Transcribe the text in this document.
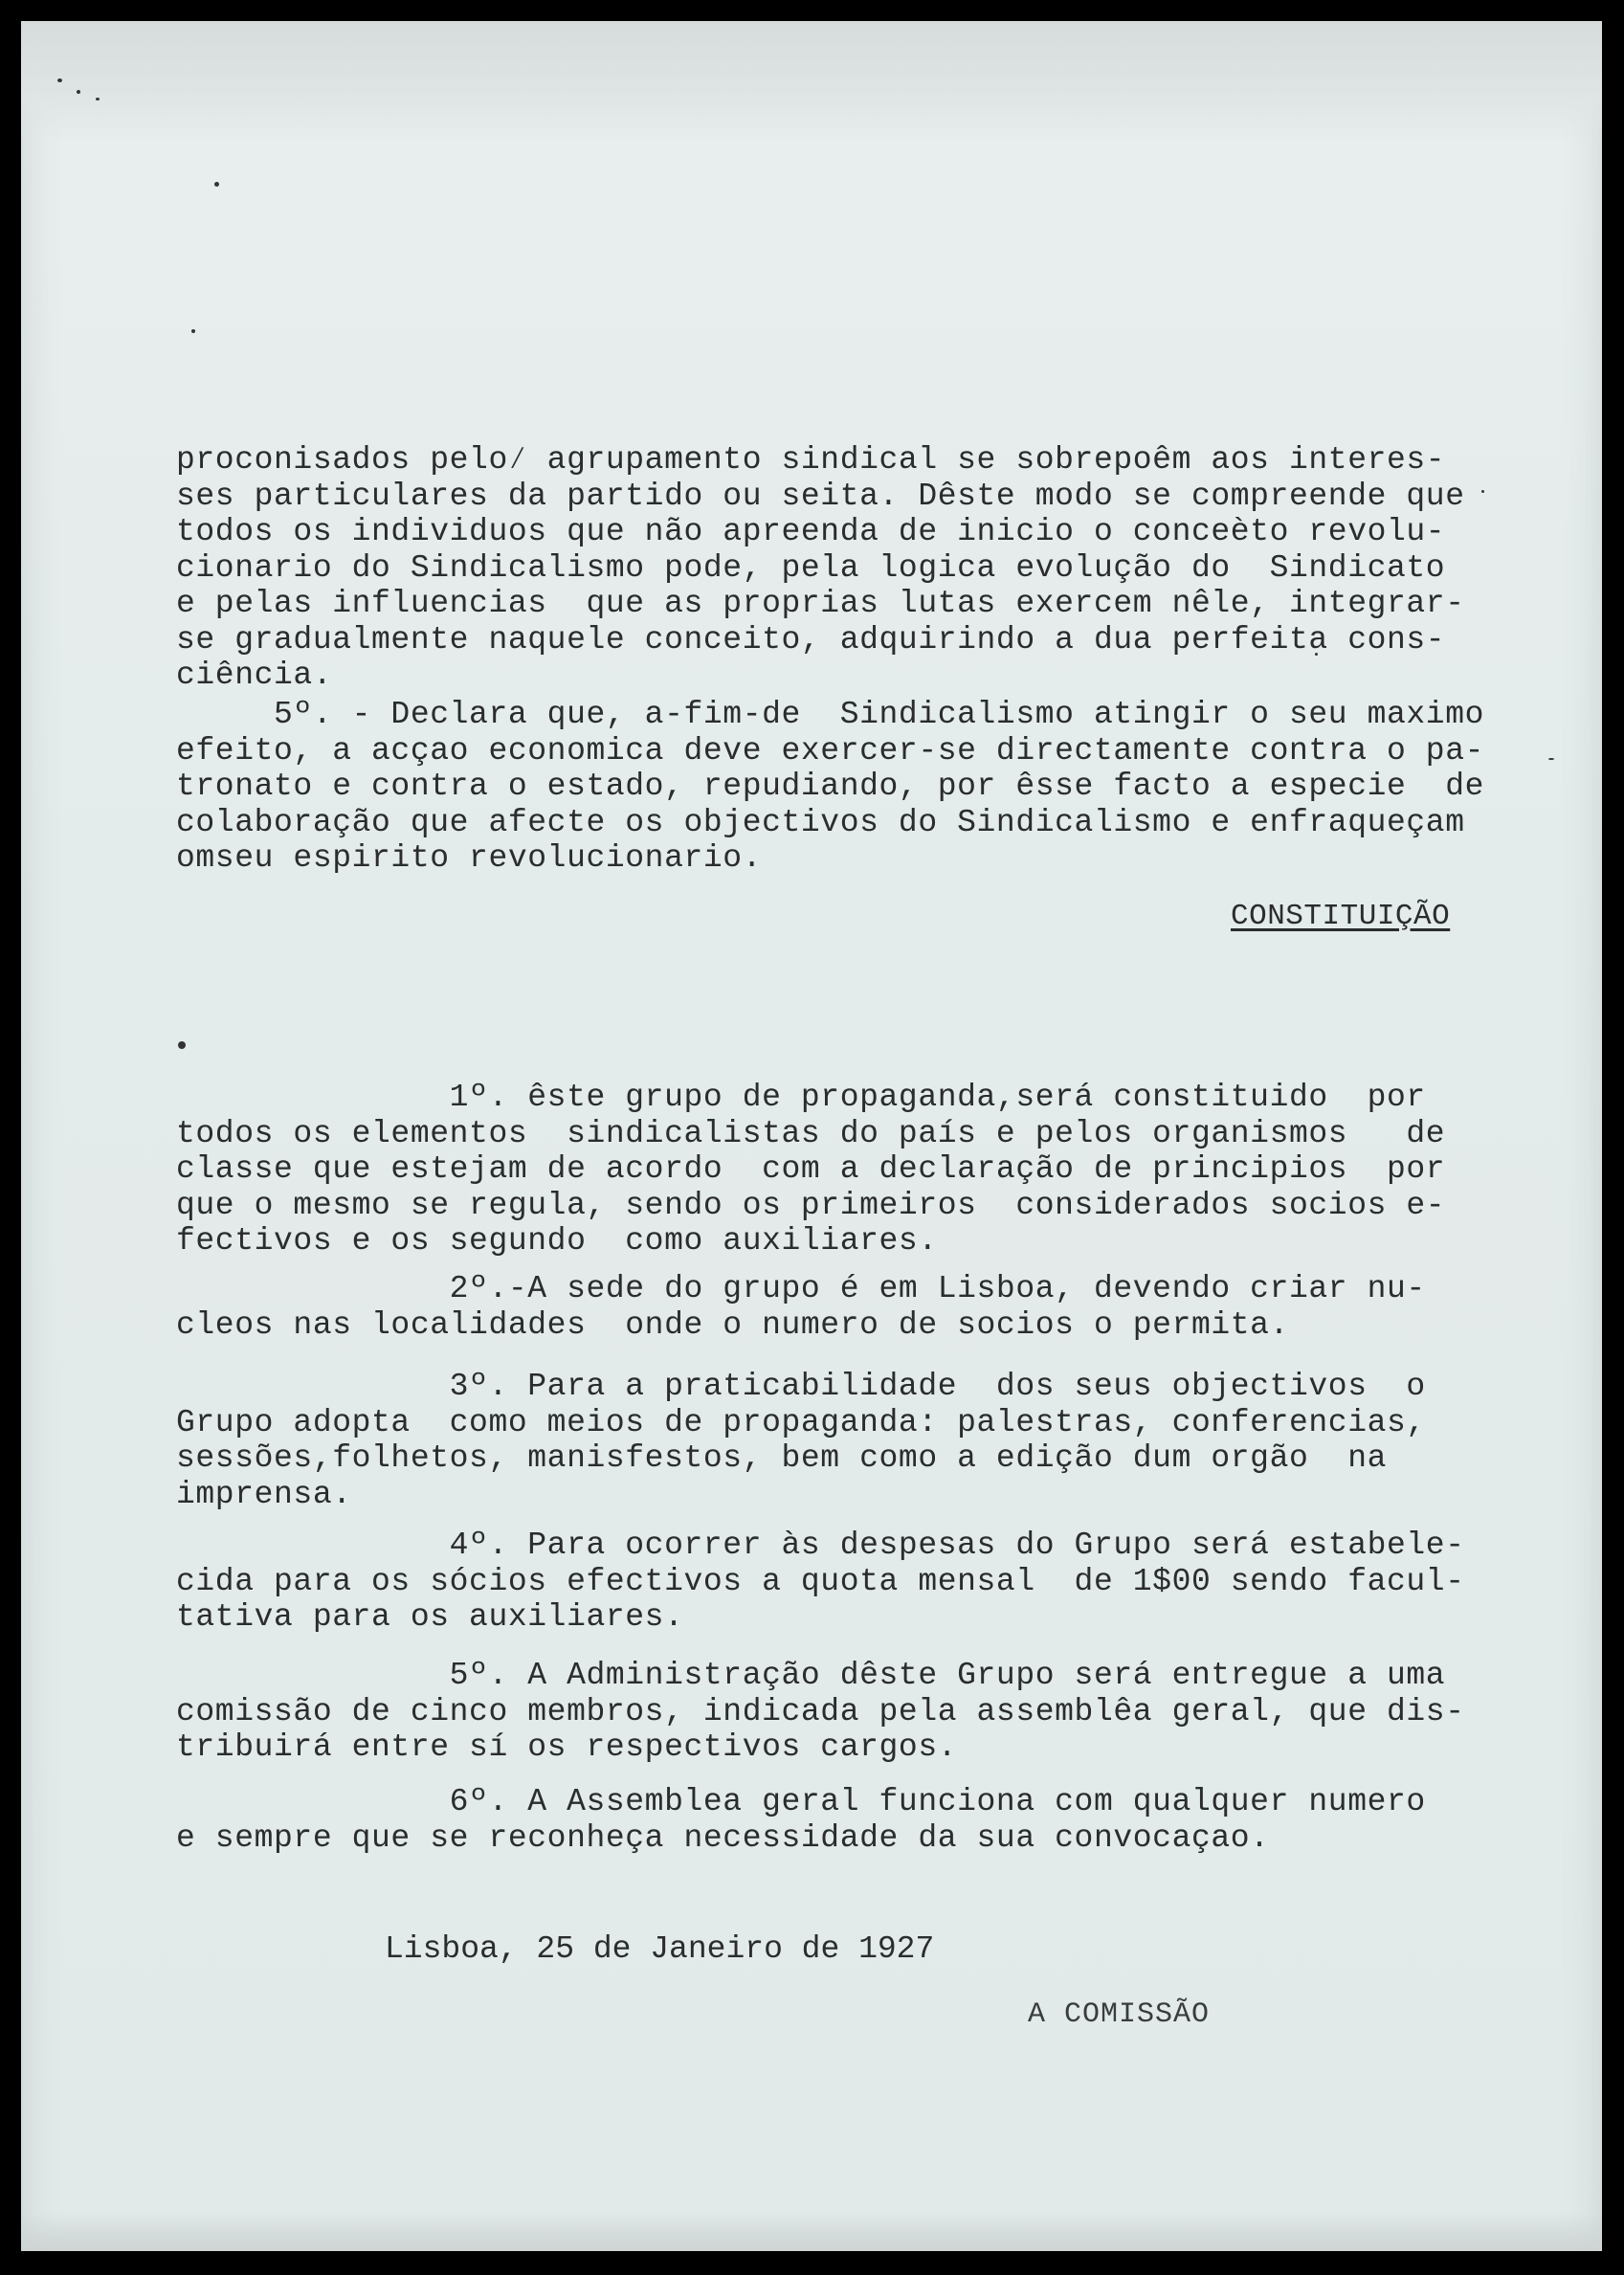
proconisados pelo∕ agrupamento sindical se sobrepoêm aos interes-
ses particulares da partido ou seita. Dêste modo se compreende que
todos os individuos que não apreenda de inicio o conceèto revolu-
cionario do Sindicalismo pode, pela logica evolução do  Sindicato
e pelas influencias  que as proprias lutas exercem nêle, integrar-
se gradualmente naquele conceito, adquirindo a dua perfeita cons-
ciência.
5º. - Declara que, a-fim-de  Sindicalismo atingir o seu maximo
efeito, a acçao economica deve exercer-se directamente contra o pa-
tronato e contra o estado, repudiando, por êsse facto a especie  de
colaboração que afecte os objectivos do Sindicalismo e enfraqueçam
omseu espirito revolucionario.
CONSTITUIÇÃO
1º. êste grupo de propaganda,será constituido  por
todos os elementos  sindicalistas do país e pelos organismos   de
classe que estejam de acordo  com a declaração de principios  por
que o mesmo se regula, sendo os primeiros  considerados socios e-
fectivos e os segundo  como auxiliares.
2º.-A sede do grupo é em Lisboa, devendo criar nu-
cleos nas localidades  onde o numero de socios o permita.
3º. Para a praticabilidade  dos seus objectivos  o
Grupo adopta  como meios de propaganda: palestras, conferencias,
sessões,folhetos, manisfestos, bem como a edição dum orgão  na
imprensa.
4º. Para ocorrer às despesas do Grupo será estabele-
cida para os sócios efectivos a quota mensal  de 1$00 sendo facul-
tativa para os auxiliares.
5º. A Administração dêste Grupo será entregue a uma
comissão de cinco membros, indicada pela assemblêa geral, que dis-
tribuirá entre sí os respectivos cargos.
6º. A Assemblea geral funciona com qualquer numero
e sempre que se reconheça necessidade da sua convocaçao.
Lisboa, 25 de Janeiro de 1927
A COMISSÃO
